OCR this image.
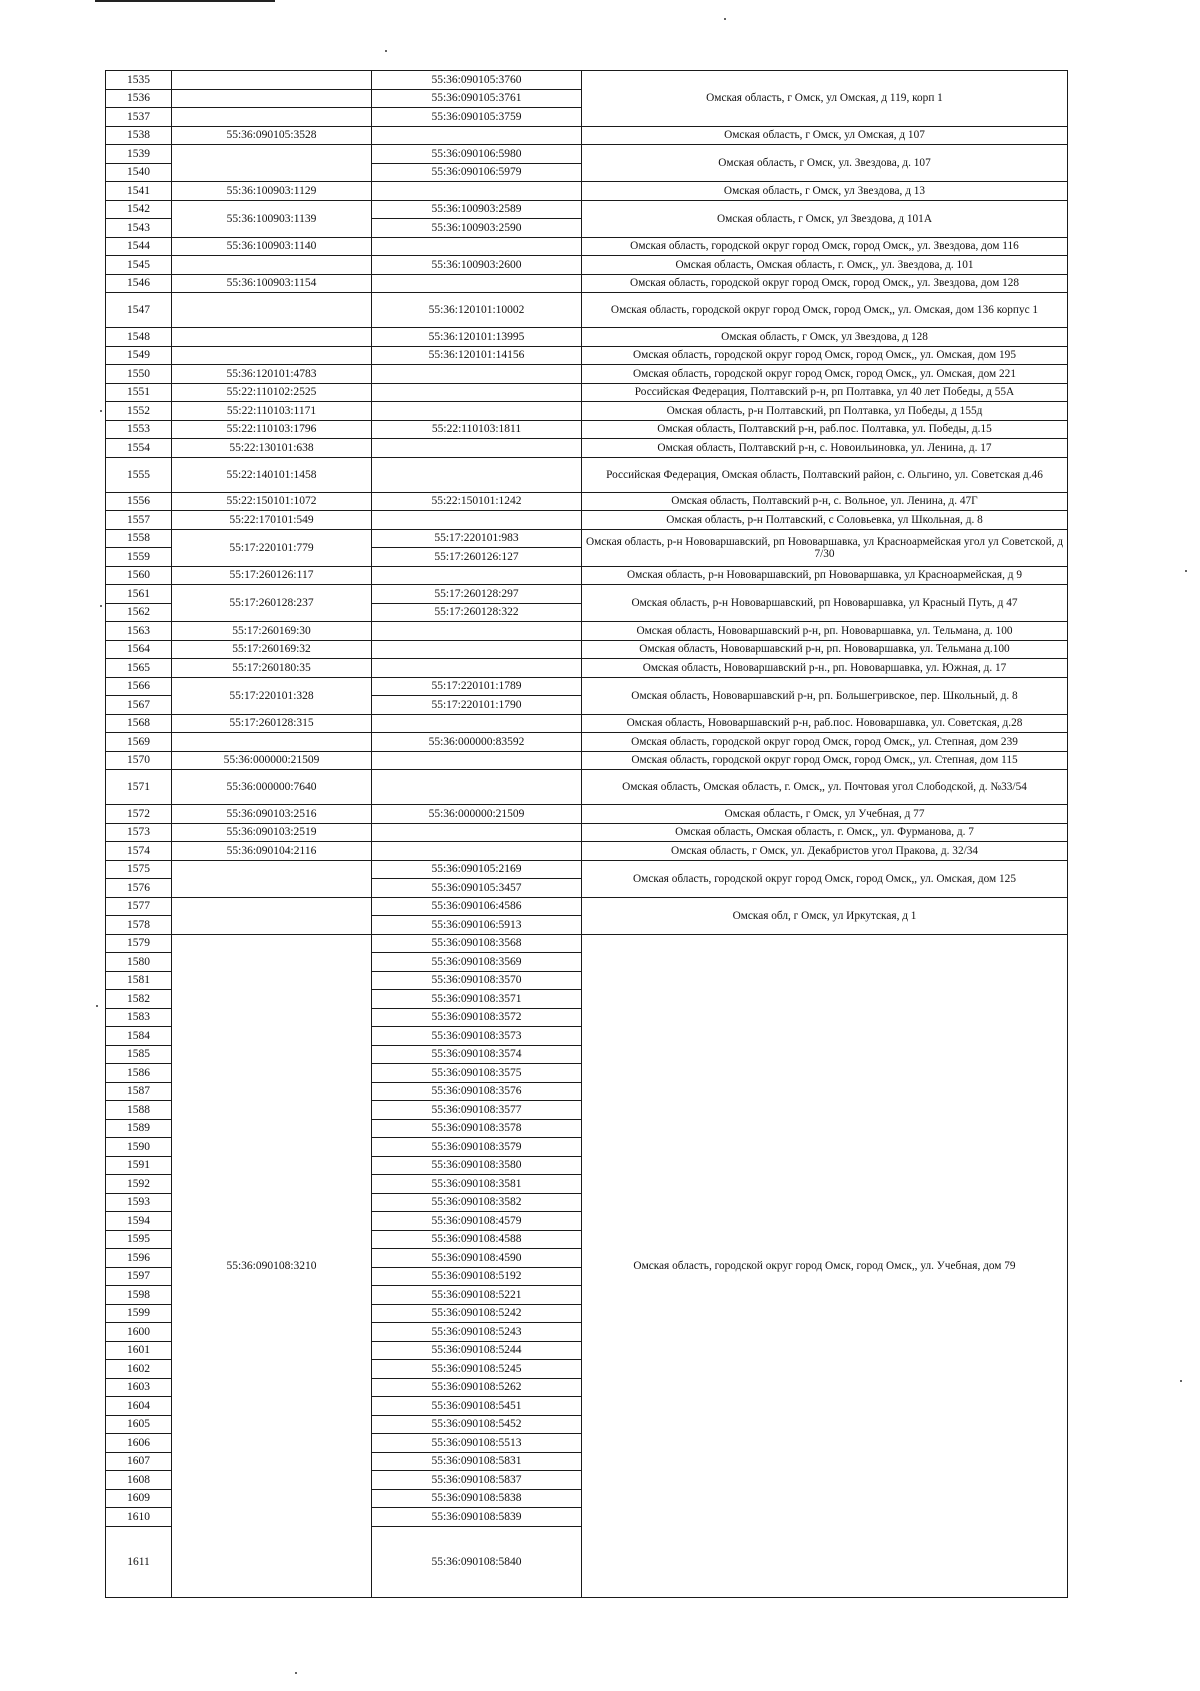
1535		55:36:090105:3760	Омская область, г Омск, ул Омская, д 119, корп 1
1536		55:36:090105:3761	
1537		55:36:090105:3759	
1538	55:36:090105:3528		Омская область, г Омск, ул Омская, д 107
1539		55:36:090106:5980	Омская область, г Омск, ул. Звездова, д. 107
1540		55:36:090106:5979	
1541	55:36:100903:1129		Омская область, г Омск, ул Звездова, д 13
1542	55:36:100903:1139	55:36:100903:2589	Омская область, г Омск, ул Звездова, д 101А
1543		55:36:100903:2590	
1544	55:36:100903:1140		Омская область, городской округ город Омск, город Омск,, ул. Звездова, дом 116
1545		55:36:100903:2600	Омская область, Омская область, г. Омск,, ул. Звездова, д. 101
1546	55:36:100903:1154		Омская область, городской округ город Омск, город Омск,, ул. Звездова, дом 128
1547		55:36:120101:10002	Омская область, городской округ город Омск, город Омск,, ул. Омская, дом 136 корпус 1
1548		55:36:120101:13995	Омская область, г Омск, ул Звездова, д 128
1549		55:36:120101:14156	Омская область, городской округ город Омск, город Омск,, ул. Омская, дом 195
1550	55:36:120101:4783		Омская область, городской округ город Омск, город Омск,, ул. Омская, дом 221
1551	55:22:110102:2525		Российская Федерация, Полтавский р-н, рп Полтавка, ул 40 лет Победы, д 55А
1552	55:22:110103:1171		Омская область, р-н Полтавский, рп Полтавка, ул Победы, д 155д
1553	55:22:110103:1796	55:22:110103:1811	Омская область, Полтавский р-н, раб.пос. Полтавка, ул. Победы, д.15
1554	55:22:130101:638		Омская область, Полтавский р-н, с. Новоильиновка, ул. Ленина, д. 17
1555	55:22:140101:1458		Российская Федерация, Омская область, Полтавский район, с. Ольгино, ул. Советская д.46
1556	55:22:150101:1072	55:22:150101:1242	Омская область, Полтавский р-н, с. Вольное, ул. Ленина, д. 47Г
1557	55:22:170101:549		Омская область, р-н Полтавский, с Соловьевка, ул Школьная, д. 8
1558	55:17:220101:779	55:17:220101:983	Омская область, р-н Нововаршавский, рп Нововаршавка, ул Красноармейская угол ул Советской, д 7/30
1559		55:17:260126:127	
1560	55:17:260126:117		Омская область, р-н Нововаршавский, рп Нововаршавка, ул Красноармейская, д 9
1561	55:17:260128:237	55:17:260128:297	Омская область, р-н Нововаршавский, рп Нововаршавка, ул Красный Путь, д 47
1562		55:17:260128:322	
1563	55:17:260169:30		Омская область, Нововаршавский р-н, рп. Нововаршавка, ул. Тельмана, д. 100
1564	55:17:260169:32		Омская область, Нововаршавский р-н, рп. Нововаршавка, ул. Тельмана д.100
1565	55:17:260180:35		Омская область, Нововаршавский р-н., рп. Нововаршавка, ул. Южная, д. 17
1566	55:17:220101:328	55:17:220101:1789	Омская область, Нововаршавский р-н, рп. Большегривское, пер. Школьный, д. 8
1567		55:17:220101:1790	
1568	55:17:260128:315		Омская область, Нововаршавский р-н, раб.пос. Нововаршавка, ул. Советская, д.28
1569		55:36:000000:83592	Омская область, городской округ город Омск, город Омск,, ул. Степная, дом 239
1570	55:36:000000:21509		Омская область, городской округ город Омск, город Омск,, ул. Степная, дом 115
1571	55:36:000000:7640		Омская область, Омская область, г. Омск,, ул. Почтовая угол Слободской, д. №33/54
1572	55:36:090103:2516	55:36:000000:21509	Омская область, г Омск, ул Учебная, д 77
1573	55:36:090103:2519		Омская область, Омская область, г. Омск,, ул. Фурманова, д. 7
1574	55:36:090104:2116		Омская область, г Омск, ул. Декабристов угол Пракова, д. 32/34
1575		55:36:090105:2169	Омская область, городской округ город Омск, город Омск,, ул. Омская, дом 125
1576		55:36:090105:3457	
1577		55:36:090106:4586	Омская обл, г Омск, ул Иркутская, д 1
1578		55:36:090106:5913	
1579	55:36:090108:3210	55:36:090108:3568	Омская область, городской округ город Омск, город Омск,, ул. Учебная, дом 79
1580		55:36:090108:3569	
1581		55:36:090108:3570	
1582		55:36:090108:3571	
1583		55:36:090108:3572	
1584		55:36:090108:3573	
1585		55:36:090108:3574	
1586		55:36:090108:3575	
1587		55:36:090108:3576	
1588		55:36:090108:3577	
1589		55:36:090108:3578	
1590		55:36:090108:3579	
1591		55:36:090108:3580	
1592		55:36:090108:3581	
1593		55:36:090108:3582	
1594		55:36:090108:4579	
1595		55:36:090108:4588	
1596		55:36:090108:4590	
1597		55:36:090108:5192	
1598		55:36:090108:5221	
1599		55:36:090108:5242	
1600		55:36:090108:5243	
1601		55:36:090108:5244	
1602		55:36:090108:5245	
1603		55:36:090108:5262	
1604		55:36:090108:5451	
1605		55:36:090108:5452	
1606		55:36:090108:5513	
1607		55:36:090108:5831	
1608		55:36:090108:5837	
1609		55:36:090108:5838	
1610		55:36:090108:5839	
1611		55:36:090108:5840	
